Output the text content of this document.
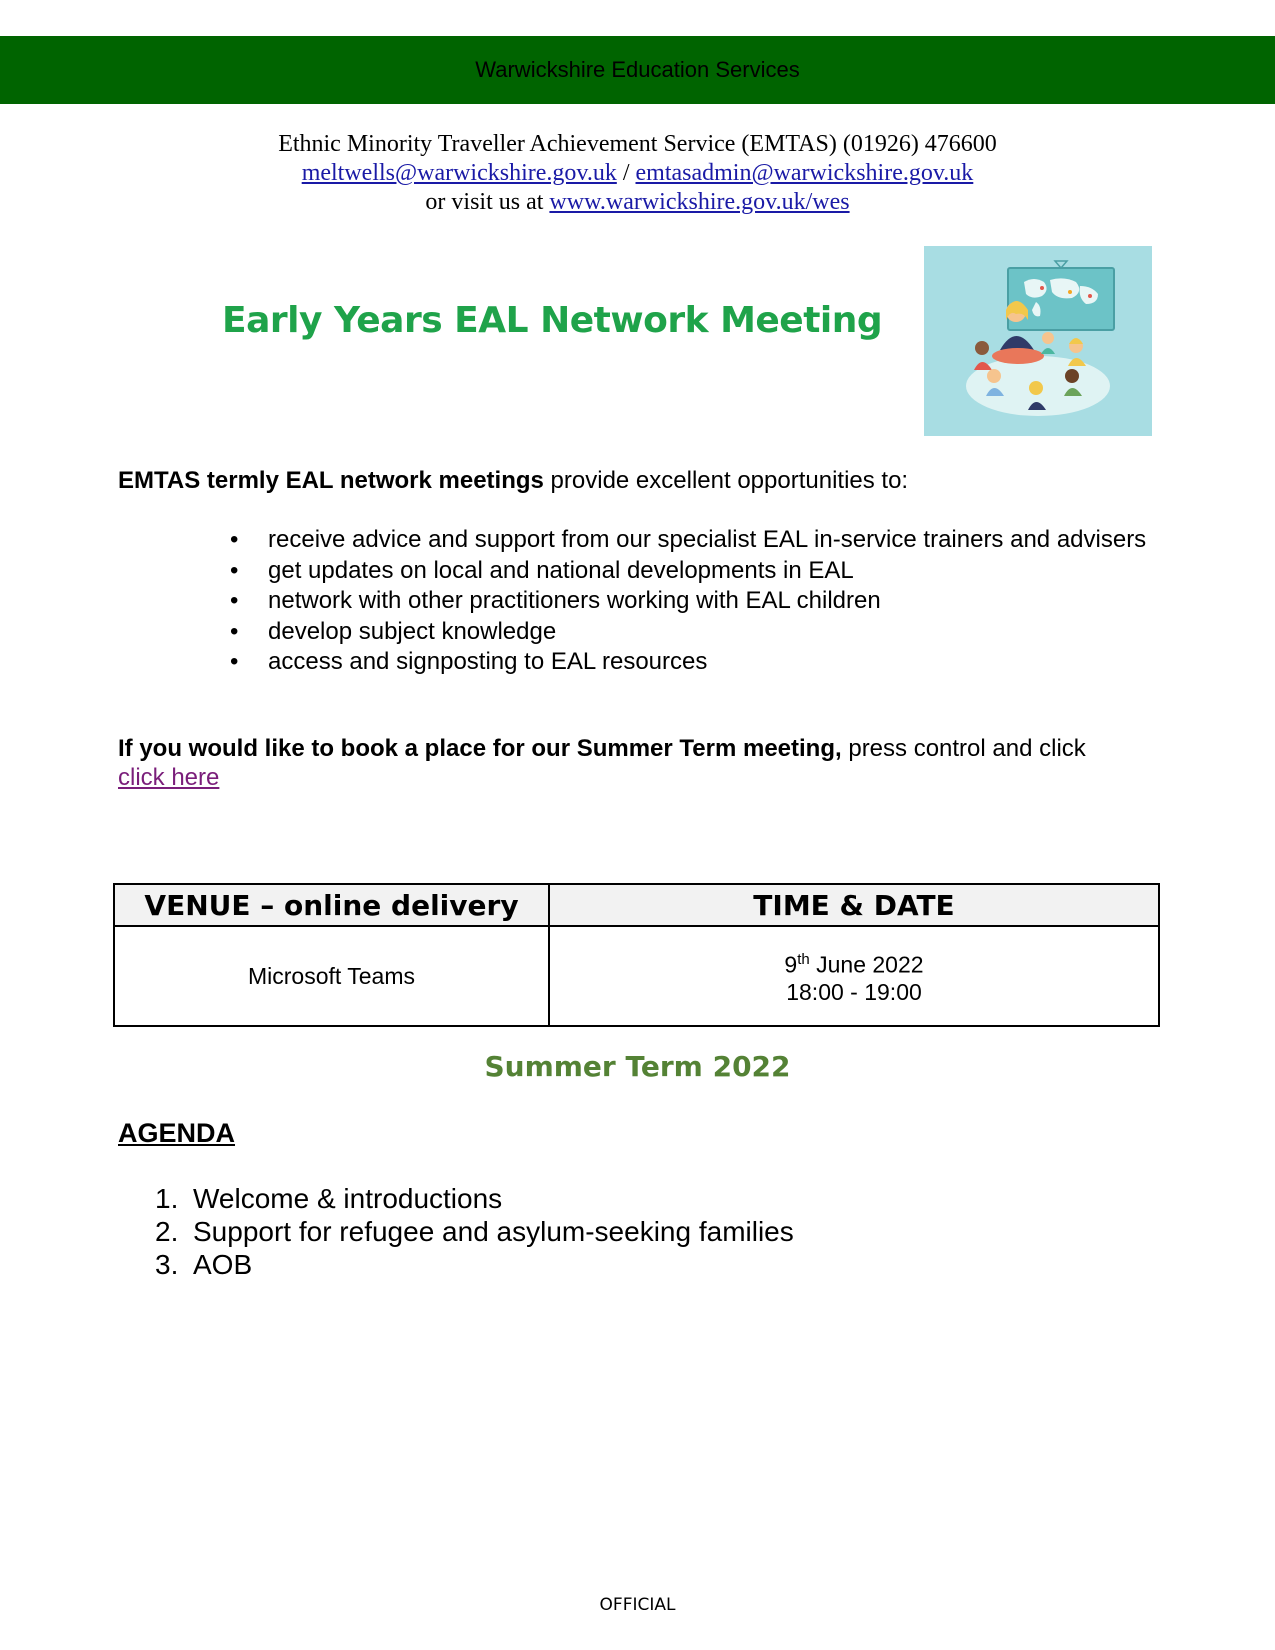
Warwickshire Education Services
Ethnic Minority Traveller Achievement Service (EMTAS) (01926) 476600
meltwells@warwickshire.gov.uk / emtasadmin@warwickshire.gov.uk
or visit us at www.warwickshire.gov.uk/wes
Early Years EAL Network Meeting
EMTAS termly EAL network meetings provide excellent opportunities to:
• receive advice and support from our specialist EAL in-service trainers and advisers
• get updates on local and national developments in EAL
• network with other practitioners working with EAL children
• develop subject knowledge
• access and signposting to EAL resources
If you would like to book a place for our Summer Term meeting, press control and click
click here
VENUE – online delivery	TIME & DATE
Microsoft Teams	9th June 2022
18:00 - 19:00
Summer Term 2022
AGENDA
1. Welcome & introductions
2. Support for refugee and asylum-seeking families
3. AOB
OFFICIAL
